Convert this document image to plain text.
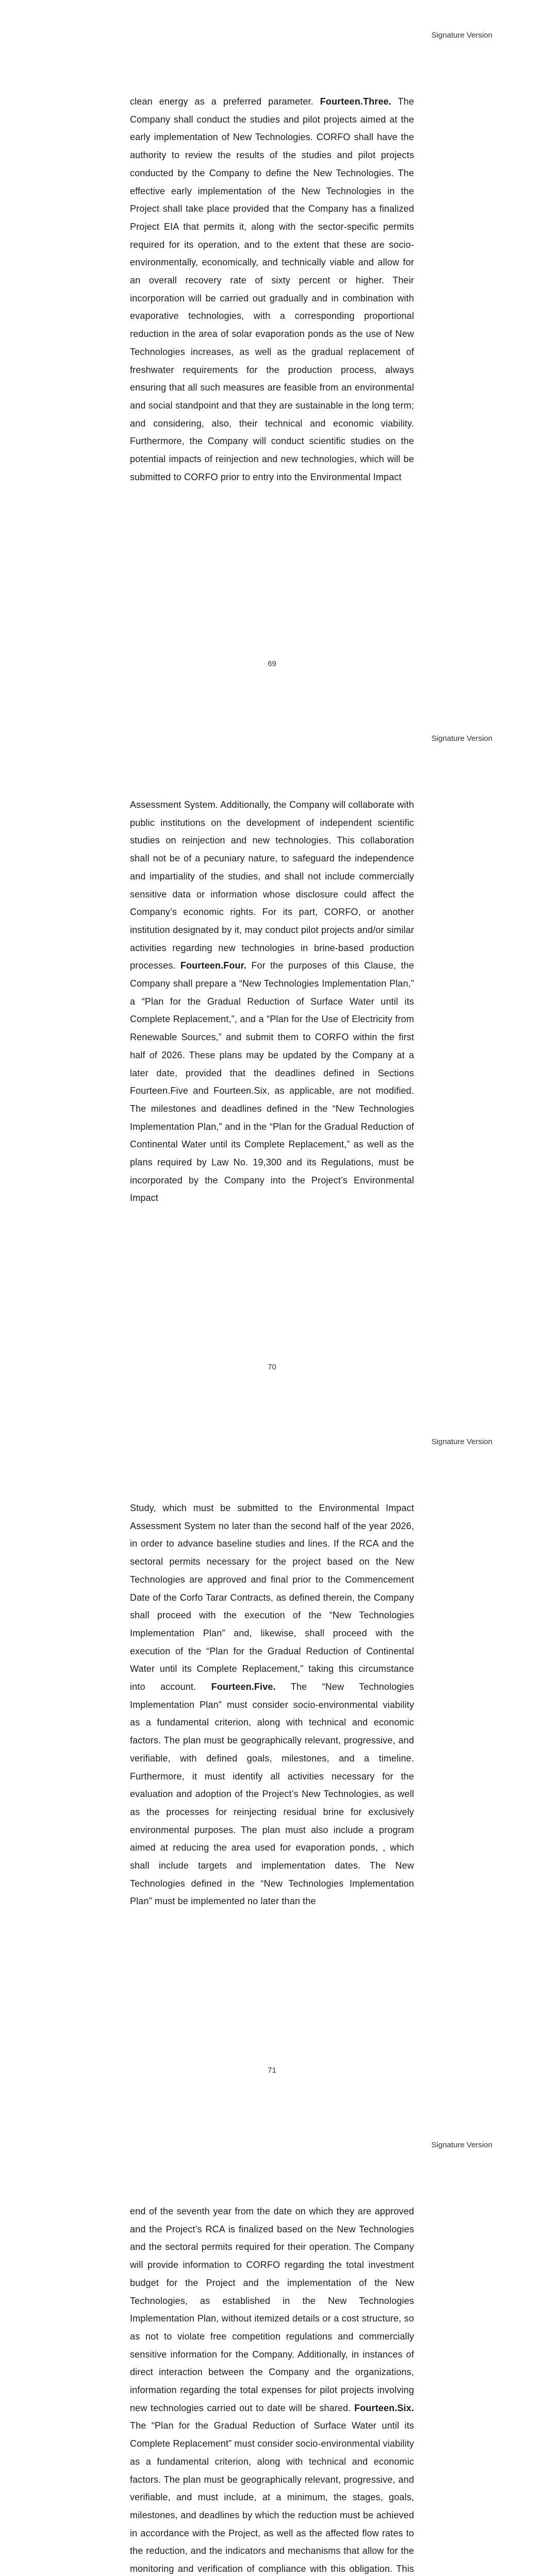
Signature Version
clean energy as a preferred parameter. Fourteen.Three. The Company shall conduct the studies and pilot projects aimed at the early implementation of New Technologies. CORFO shall have the authority to review the results of the studies and pilot projects conducted by the Company to define the New Technologies. The effective early implementation of the New Technologies in the Project shall take place provided that the Company has a finalized Project EIA that permits it, along with the sector-specific permits required for its operation, and to the extent that these are socio-environmentally, economically, and technically viable and allow for an overall recovery rate of sixty percent or higher. Their incorporation will be carried out gradually and in combination with evaporative technologies, with a corresponding proportional reduction in the area of solar evaporation ponds as the use of New Technologies increases, as well as the gradual replacement of freshwater requirements for the production process, always ensuring that all such measures are feasible from an environmental and social standpoint and that they are sustainable in the long term; and considering, also, their technical and economic viability. Furthermore, the Company will conduct scientific studies on the potential impacts of reinjection and new technologies, which will be submitted to CORFO prior to entry into the Environmental Impact
69
Signature Version
Assessment System. Additionally, the Company will collaborate with public institutions on the development of independent scientific studies on reinjection and new technologies. This collaboration shall not be of a pecuniary nature, to safeguard the independence and impartiality of the studies, and shall not include commercially sensitive data or information whose disclosure could affect the Company’s economic rights. For its part, CORFO, or another institution designated by it, may conduct pilot projects and/or similar activities regarding new technologies in brine-based production processes. Fourteen.Four. For the purposes of this Clause, the Company shall prepare a “New Technologies Implementation Plan,” a “Plan for the Gradual Reduction of Surface Water until its Complete Replacement,”, and a “Plan for the Use of Electricity from Renewable Sources,” and submit them to CORFO within the first half of 2026. These plans may be updated by the Company at a later date, provided that the deadlines defined in Sections Fourteen.Five and Fourteen.Six, as applicable, are not modified. The milestones and deadlines defined in the “New Technologies Implementation Plan,” and in the “Plan for the Gradual Reduction of Continental Water until its Complete Replacement,” as well as the plans required by Law No. 19,300 and its Regulations, must be incorporated by the Company into the Project’s Environmental Impact
70
Signature Version
Study, which must be submitted to the Environmental Impact Assessment System no later than the second half of the year 2026, in order to advance baseline studies and lines. If the RCA and the sectoral permits necessary for the project based on the New Technologies are approved and final prior to the Commencement Date of the Corfo Tarar Contracts, as defined therein, the Company shall proceed with the execution of the “New Technologies Implementation Plan” and, likewise, shall proceed with the execution of the “Plan for the Gradual Reduction of Continental Water until its Complete Replacement,” taking this circumstance into account. Fourteen.Five. The “New Technologies Implementation Plan” must consider socio-environmental viability as a fundamental criterion, along with technical and economic factors. The plan must be geographically relevant, progressive, and verifiable, with defined goals, milestones, and a timeline. Furthermore, it must identify all activities necessary for the evaluation and adoption of the Project’s New Technologies, as well as the processes for reinjecting residual brine for exclusively environmental purposes. The plan must also include a program aimed at reducing the area used for evaporation ponds, , which shall include targets and implementation dates. The New Technologies defined in the “New Technologies Implementation Plan” must be implemented no later than the
71
Signature Version
end of the seventh year from the date on which they are approved and the Project’s RCA is finalized based on the New Technologies and the sectoral permits required for their operation. The Company will provide information to CORFO regarding the total investment budget for the Project and the implementation of the New Technologies, as established in the New Technologies Implementation Plan, without itemized details or a cost structure, so as not to violate free competition regulations and commercially sensitive information for the Company. Additionally, in instances of direct interaction between the Company and the organizations, information regarding the total expenses for pilot projects involving new technologies carried out to date will be shared. Fourteen.Six. The “Plan for the Gradual Reduction of Surface Water until its Complete Replacement” must consider socio-environmental viability as a fundamental criterion, along with technical and economic factors. The plan must be geographically relevant, progressive, and verifiable, and must include, at a minimum, the stages, goals, milestones, and deadlines by which the reduction must be achieved in accordance with the Project, as well as the affected flow rates to the reduction, and the indicators and mechanisms that allow for the monitoring and verification of compliance with this obligation. This
